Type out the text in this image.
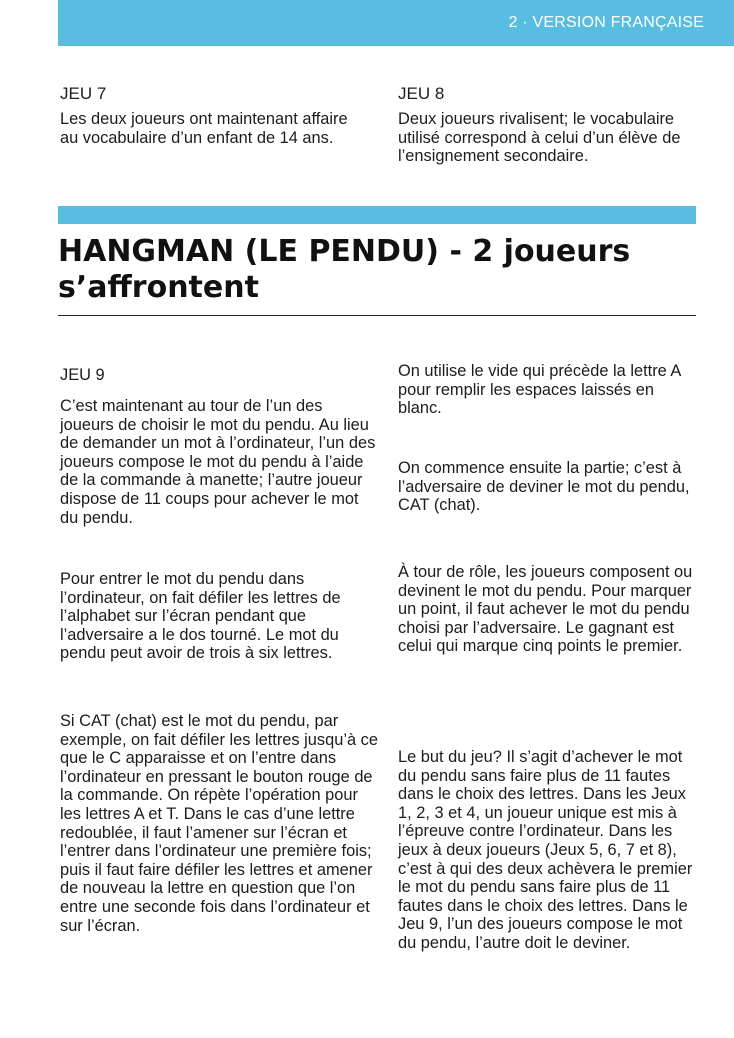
2 · VERSION FRANÇAISE

JEU 7

Les deux joueurs ont maintenant affaire au vocabulaire d’un enfant de 14 ans.

JEU 8

Deux joueurs rivalisent; le vocabulaire utilisé correspond à celui d’un élève de l’ensignement secondaire.

HANGMAN (LE PENDU) - 2 joueurs s’affrontent

JEU 9

C’est maintenant au tour de l’un des joueurs de choisir le mot du pendu. Au lieu de demander un mot à l’ordinateur, l’un des joueurs compose le mot du pendu à l’aide de la commande à manette; l’autre joueur dispose de 11 coups pour achever le mot du pendu.

Pour entrer le mot du pendu dans l’ordinateur, on fait défiler les lettres de l’alphabet sur l’écran pendant que l’adversaire a le dos tourné. Le mot du pendu peut avoir de trois à six lettres.

Si CAT (chat) est le mot du pendu, par exemple, on fait défiler les lettres jusqu’à ce que le C apparaisse et on l’entre dans l’ordinateur en pressant le bouton rouge de la commande. On répète l’opération pour les lettres A et T. Dans le cas d’une lettre redoublée, il faut l’amener sur l’écran et l’entrer dans l’ordinateur une première fois; puis il faut faire défiler les lettres et amener de nouveau la lettre en question que l’on entre une seconde fois dans l’ordinateur et sur l’écran.

On utilise le vide qui précède la lettre A pour remplir les espaces laissés en blanc.

On commence ensuite la partie; c’est à l’adversaire de deviner le mot du pendu, CAT (chat).

À tour de rôle, les joueurs composent ou devinent le mot du pendu. Pour marquer un point, il faut achever le mot du pendu choisi par l’adversaire. Le gagnant est celui qui marque cinq points le premier.

Le but du jeu? Il s’agit d’achever le mot du pendu sans faire plus de 11 fautes dans le choix des lettres. Dans les Jeux 1, 2, 3 et 4, un joueur unique est mis à l’épreuve contre l’ordinateur. Dans les jeux à deux joueurs (Jeux 5, 6, 7 et 8), c’est à qui des deux achèvera le premier le mot du pendu sans faire plus de 11 fautes dans le choix des lettres. Dans le Jeu 9, l’un des joueurs compose le mot du pendu, l’autre doit le deviner.
